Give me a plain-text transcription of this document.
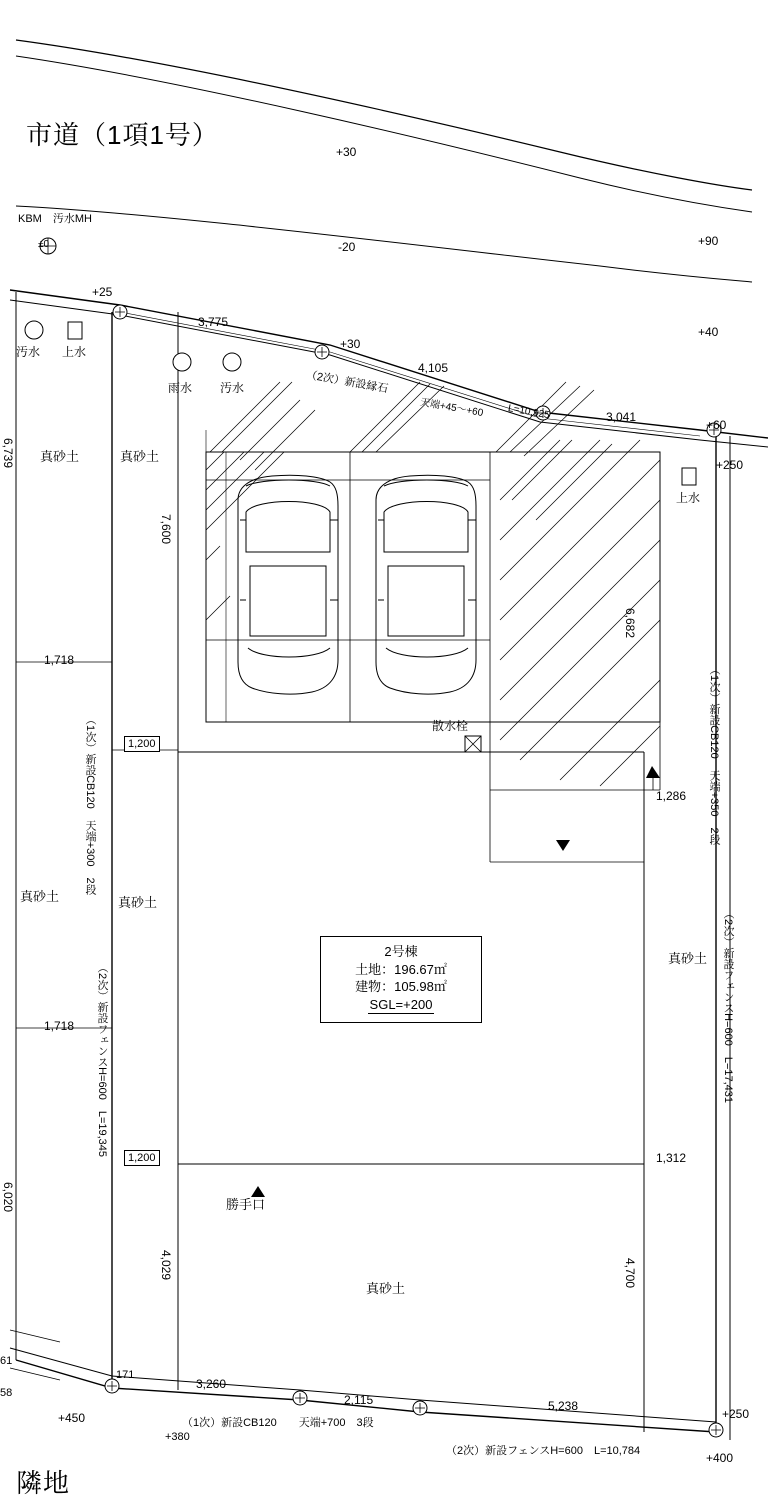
市道（1項1号）
KBM　汚水MH
±0
+30
-20	+90
+40
+25
+30
+60
+250
+450
+380
+250
+400
汚水 上水
雨水 汚水
上水
散水栓
真砂土	真砂土
真砂土	真砂土
真砂土
真砂土
3,775
4,105
3,041
6,739
1,718
1,718
6,020
7,600
4,029
6,682
1,286
1,312
4,700
3,260
2,115	5,238
61
58
171
1,200
1,200
（2次）新設縁石
天端+45〜+60 L=10,925
（1次）新設CB120　天端+300　2段
（2次）新設フェンスH=600　L=19,345
（1次）新設CB120　天端+350　2段
（2次）新設フェンスH=600　L=17,431
（1次）新設CB120　　天端+700　3段
（2次）新設フェンスH=600　L=10,784
勝手口
2号棟
土地：196.67㎡
建物：105.98㎡
SGL=+200
隣地
